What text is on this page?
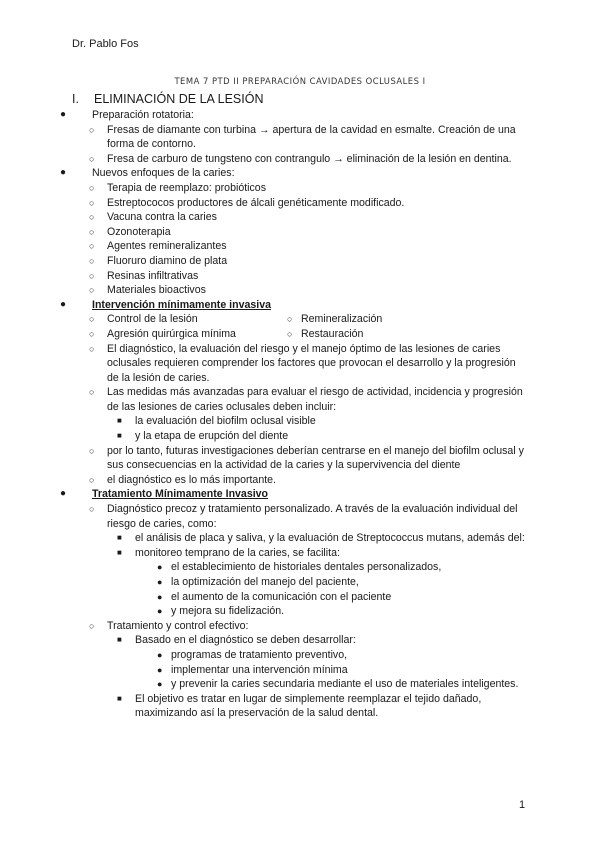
Dr. Pablo Fos
TEMA 7 PTD II PREPARACIÓN CAVIDADES OCLUSALES I
I. ELIMINACIÓN DE LA LESIÓN
● Preparación rotatoria:
○ Fresas de diamante con turbina → apertura de la cavidad en esmalte. Creación de una forma de contorno.
○ Fresa de carburo de tungsteno con contrangulo → eliminación de la lesión en dentina.
● Nuevos enfoques de la caries:
○ Terapia de reemplazo: probióticos
○ Estreptococos productores de álcali genéticamente modificado.
○ Vacuna contra la caries
○ Ozonoterapia
○ Agentes remineralizantes
○ Fluoruro diamino de plata
○ Resinas infiltrativas
○ Materiales bioactivos
● Intervención mínimamente invasiva
○ Control de la lesión	○ Remineralización
○ Agresión quirúrgica mínima	○ Restauración
○ El diagnóstico, la evaluación del riesgo y el manejo óptimo de las lesiones de caries oclusales requieren comprender los factores que provocan el desarrollo y la progresión de la lesión de caries.
○ Las medidas más avanzadas para evaluar el riesgo de actividad, incidencia y progresión de las lesiones de caries oclusales deben incluir:
■ la evaluación del biofilm oclusal visible
■ y la etapa de erupción del diente
○ por lo tanto, futuras investigaciones deberían centrarse en el manejo del biofilm oclusal y sus consecuencias en la actividad de la caries y la supervivencia del diente
○ el diagnóstico es lo más importante.
● Tratamiento Mínimamente Invasivo
○ Diagnóstico precoz y tratamiento personalizado. A través de la evaluación individual del riesgo de caries, como:
■ el análisis de placa y saliva, y la evaluación de Streptococcus mutans, además del:
■ monitoreo temprano de la caries, se facilita:
● el establecimiento de historiales dentales personalizados,
● la optimización del manejo del paciente,
● el aumento de la comunicación con el paciente
● y mejora su fidelización.
○ Tratamiento y control efectivo:
■ Basado en el diagnóstico se deben desarrollar:
● programas de tratamiento preventivo,
● implementar una intervención mínima
● y prevenir la caries secundaria mediante el uso de materiales inteligentes.
■ El objetivo es tratar en lugar de simplemente reemplazar el tejido dañado, maximizando así la preservación de la salud dental.
1
